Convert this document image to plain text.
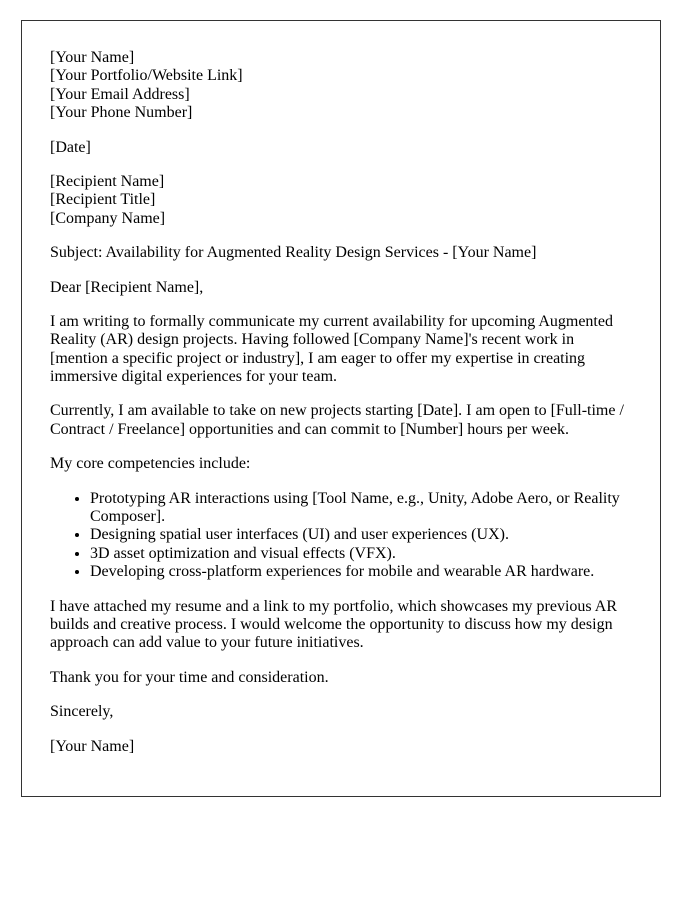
[Your Name]
[Your Portfolio/Website Link]
[Your Email Address]
[Your Phone Number]

[Date]

[Recipient Name]
[Recipient Title]
[Company Name]

Subject: Availability for Augmented Reality Design Services - [Your Name]

Dear [Recipient Name],

I am writing to formally communicate my current availability for upcoming Augmented Reality (AR) design projects. Having followed [Company Name]'s recent work in [mention a specific project or industry], I am eager to offer my expertise in creating immersive digital experiences for your team.

Currently, I am available to take on new projects starting [Date]. I am open to [Full-time / Contract / Freelance] opportunities and can commit to [Number] hours per week.

My core competencies include:

• Prototyping AR interactions using [Tool Name, e.g., Unity, Adobe Aero, or Reality Composer].
• Designing spatial user interfaces (UI) and user experiences (UX).
• 3D asset optimization and visual effects (VFX).
• Developing cross-platform experiences for mobile and wearable AR hardware.

I have attached my resume and a link to my portfolio, which showcases my previous AR builds and creative process. I would welcome the opportunity to discuss how my design approach can add value to your future initiatives.

Thank you for your time and consideration.

Sincerely,

[Your Name]
